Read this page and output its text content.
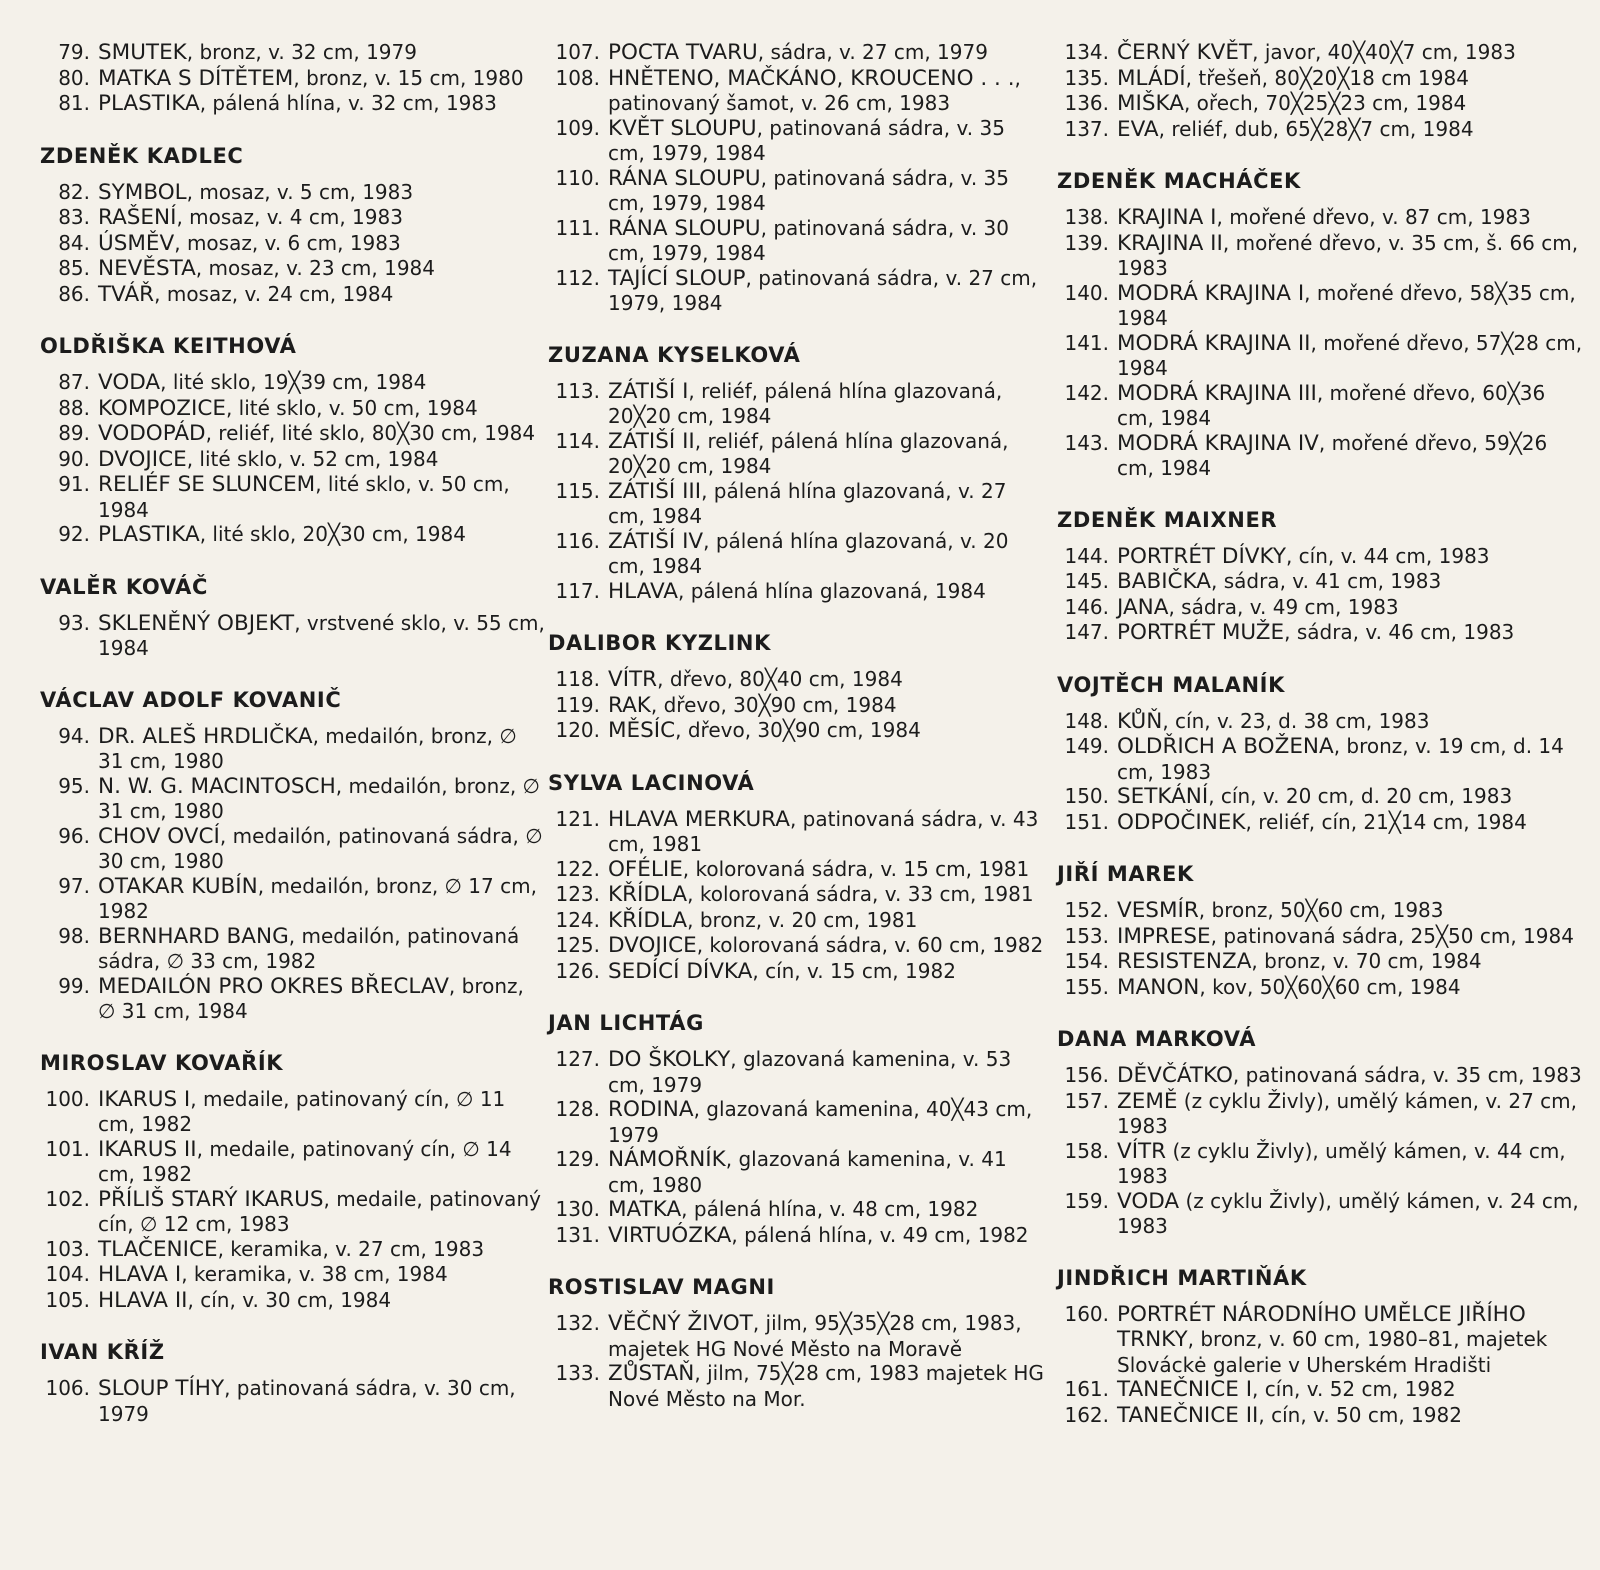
79. SMUTEK, bronz, v. 32 cm, 1979
80. MATKA S DÍTĚTEM, bronz, v. 15 cm, 1980
81. PLASTIKA, pálená hlína, v. 32 cm, 1983
ZDENĚK KADLEC
82. SYMBOL, mosaz, v. 5 cm, 1983
83. RAŠENÍ, mosaz, v. 4 cm, 1983
84. ÚSMĚV, mosaz, v. 6 cm, 1983
85. NEVĚSTA, mosaz, v. 23 cm, 1984
86. TVÁŘ, mosaz, v. 24 cm, 1984
OLDŘIŠKA KEITHOVÁ
87. VODA, lité sklo, 19╳39 cm, 1984
88. KOMPOZICE, lité sklo, v. 50 cm, 1984
89. VODOPÁD, reliéf, lité sklo, 80╳30 cm, 1984
90. DVOJICE, lité sklo, v. 52 cm, 1984
91. RELIÉF SE SLUNCEM, lité sklo, v. 50 cm, 1984
92. PLASTIKA, lité sklo, 20╳30 cm, 1984
VALĚR KOVÁČ
93. SKLENĚNÝ OBJEKT, vrstvené sklo, v. 55 cm, 1984
VÁCLAV ADOLF KOVANIČ
94. DR. ALEŠ HRDLIČKA, medailón, bronz, ∅ 31 cm, 1980
95. N. W. G. MACINTOSCH, medailón, bronz, ∅ 31 cm, 1980
96. CHOV OVCÍ, medailón, patinovaná sádra, ∅ 30 cm, 1980
97. OTAKAR KUBÍN, medailón, bronz, ∅ 17 cm, 1982
98. BERNHARD BANG, medailón, patinovaná sádra, ∅ 33 cm, 1982
99. MEDAILÓN PRO OKRES BŘECLAV, bronz, ∅ 31 cm, 1984
MIROSLAV KOVAŘÍK
100. IKARUS I, medaile, patinovaný cín, ∅ 11 cm, 1982
101. IKARUS II, medaile, patinovaný cín, ∅ 14 cm, 1982
102. PŘÍLIŠ STARÝ IKARUS, medaile, patinovaný cín, ∅ 12 cm, 1983
103. TLAČENICE, keramika, v. 27 cm, 1983
104. HLAVA I, keramika, v. 38 cm, 1984
105. HLAVA II, cín, v. 30 cm, 1984
IVAN KŘÍŽ
106. SLOUP TÍHY, patinovaná sádra, v. 30 cm, 1979
107. POCTA TVARU, sádra, v. 27 cm, 1979
108. HNĚTENO, MAČKÁNO, KROUCENO . . ., patinovaný šamot, v. 26 cm, 1983
109. KVĚT SLOUPU, patinovaná sádra, v. 35 cm, 1979, 1984
110. RÁNA SLOUPU, patinovaná sádra, v. 35 cm, 1979, 1984
111. RÁNA SLOUPU, patinovaná sádra, v. 30 cm, 1979, 1984
112. TAJÍCÍ SLOUP, patinovaná sádra, v. 27 cm, 1979, 1984
ZUZANA KYSELKOVÁ
113. ZÁTIŠÍ I, reliéf, pálená hlína glazovaná, 20╳20 cm, 1984
114. ZÁTIŠÍ II, reliéf, pálená hlína glazovaná, 20╳20 cm, 1984
115. ZÁTIŠÍ III, pálená hlína glazovaná, v. 27 cm, 1984
116. ZÁTIŠÍ IV, pálená hlína glazovaná, v. 20 cm, 1984
117. HLAVA, pálená hlína glazovaná, 1984
DALIBOR KYZLINK
118. VÍTR, dřevo, 80╳40 cm, 1984
119. RAK, dřevo, 30╳90 cm, 1984
120. MĚSÍC, dřevo, 30╳90 cm, 1984
SYLVA LACINOVÁ
121. HLAVA MERKURA, patinovaná sádra, v. 43 cm, 1981
122. OFÉLIE, kolorovaná sádra, v. 15 cm, 1981
123. KŘÍDLA, kolorovaná sádra, v. 33 cm, 1981
124. KŘÍDLA, bronz, v. 20 cm, 1981
125. DVOJICE, kolorovaná sádra, v. 60 cm, 1982
126. SEDÍCÍ DÍVKA, cín, v. 15 cm, 1982
JAN LICHTÁG
127. DO ŠKOLKY, glazovaná kamenina, v. 53 cm, 1979
128. RODINA, glazovaná kamenina, 40╳43 cm, 1979
129. NÁMOŘNÍK, glazovaná kamenina, v. 41 cm, 1980
130. MATKA, pálená hlína, v. 48 cm, 1982
131. VIRTUÓZKA, pálená hlína, v. 49 cm, 1982
ROSTISLAV MAGNI
132. VĚČNÝ ŽIVOT, jilm, 95╳35╳28 cm, 1983, majetek HG Nové Město na Moravě
133. ZŮSTAŇ, jilm, 75╳28 cm, 1983 majetek HG Nové Město na Mor.
134. ČERNÝ KVĚT, javor, 40╳40╳7 cm, 1983
135. MLÁDÍ, třešeň, 80╳20╳18 cm 1984
136. MIŠKA, ořech, 70╳25╳23 cm, 1984
137. EVA, reliéf, dub, 65╳28╳7 cm, 1984
ZDENĚK MACHÁČEK
138. KRAJINA I, mořené dřevo, v. 87 cm, 1983
139. KRAJINA II, mořené dřevo, v. 35 cm, š. 66 cm, 1983
140. MODRÁ KRAJINA I, mořené dřevo, 58╳35 cm, 1984
141. MODRÁ KRAJINA II, mořené dřevo, 57╳28 cm, 1984
142. MODRÁ KRAJINA III, mořené dřevo, 60╳36 cm, 1984
143. MODRÁ KRAJINA IV, mořené dřevo, 59╳26 cm, 1984
ZDENĚK MAIXNER
144. PORTRÉT DÍVKY, cín, v. 44 cm, 1983
145. BABIČKA, sádra, v. 41 cm, 1983
146. JANA, sádra, v. 49 cm, 1983
147. PORTRÉT MUŽE, sádra, v. 46 cm, 1983
VOJTĚCH MALANÍK
148. KŮŇ, cín, v. 23, d. 38 cm, 1983
149. OLDŘICH A BOŽENA, bronz, v. 19 cm, d. 14 cm, 1983
150. SETKÁNÍ, cín, v. 20 cm, d. 20 cm, 1983
151. ODPOČINEK, reliéf, cín, 21╳14 cm, 1984
JIŘÍ MAREK
152. VESMÍR, bronz, 50╳60 cm, 1983
153. IMPRESE, patinovaná sádra, 25╳50 cm, 1984
154. RESISTENZA, bronz, v. 70 cm, 1984
155. MANON, kov, 50╳60╳60 cm, 1984
DANA MARKOVÁ
156. DĚVČÁTKO, patinovaná sádra, v. 35 cm, 1983
157. ZEMĚ (z cyklu Živly), umělý kámen, v. 27 cm, 1983
158. VÍTR (z cyklu Živly), umělý kámen, v. 44 cm, 1983
159. VODA (z cyklu Živly), umělý kámen, v. 24 cm, 1983
JINDŘICH MARTIŇÁK
160. PORTRÉT NÁRODNÍHO UMĚLCE JIŘÍHO TRNKY, bronz, v. 60 cm, 1980–81, majetek Slováckė galerie v Uherském Hradišti
161. TANEČNICE I, cín, v. 52 cm, 1982
162. TANEČNICE II, cín, v. 50 cm, 1982
